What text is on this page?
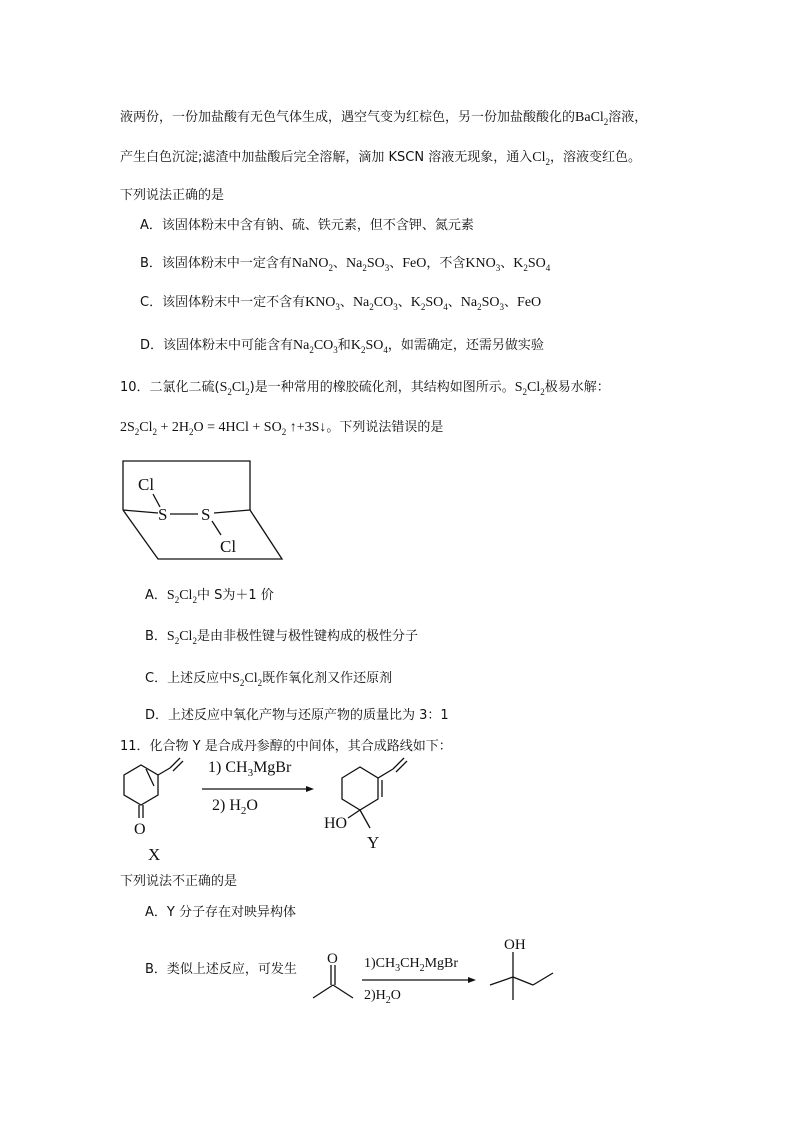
液两份，一份加盐酸有无色气体生成，遇空气变为红棕色，另一份加盐酸酸化的BaCl$_2$溶液，
产生白色沉淀;滤渣中加盐酸后完全溶解，滴加 KSCN 溶液无现象，通入$Cl_2$，溶液变红色。
下列说法正确的是
A．该固体粉末中含有钠、硫、铁元素，但不含钾、氮元素
B．该固体粉末中一定含有NaNO$_2$、$Na_2SO_3$、FeO，不含$KNO_3$、$K_2SO_4$
C．该固体粉末中一定不含有$KNO_3$、$Na_2CO_3$、$K_2SO_4$、$Na_2SO_3$、FeO
D．该固体粉末中可能含有$Na_2CO_3$和$K_2SO_4$，如需确定，还需另做实验
10．二氯化二硫$(S_2Cl_2)$是一种常用的橡胶硫化剂，其结构如图所示。$S_2Cl_2$极易水解：
$2S_2Cl_2 + 2H_2O = 4HCl + SO_2$ ↑+3S↓。下列说法错误的是
Cl
S S
Cl
A．$S_2Cl_2$中 S为＋1 价
B．$S_2Cl_2$是由非极性键与极性键构成的极性分子
C．上述反应中$S_2Cl_2$既作氧化剂又作还原剂
D．上述反应中氧化产物与还原产物的质量比为 3：1
11．化合物 Y 是合成丹参醇的中间体，其合成路线如下：
O
X
1) $CH_3MgBr$
2) $H_2O$
HO
Y
下列说法不正确的是
A．Y 分子存在对映异构体
B．类似上述反应，可发生
O $1)CH_3CH_2MgBr$
$2)H_2O$
OH
